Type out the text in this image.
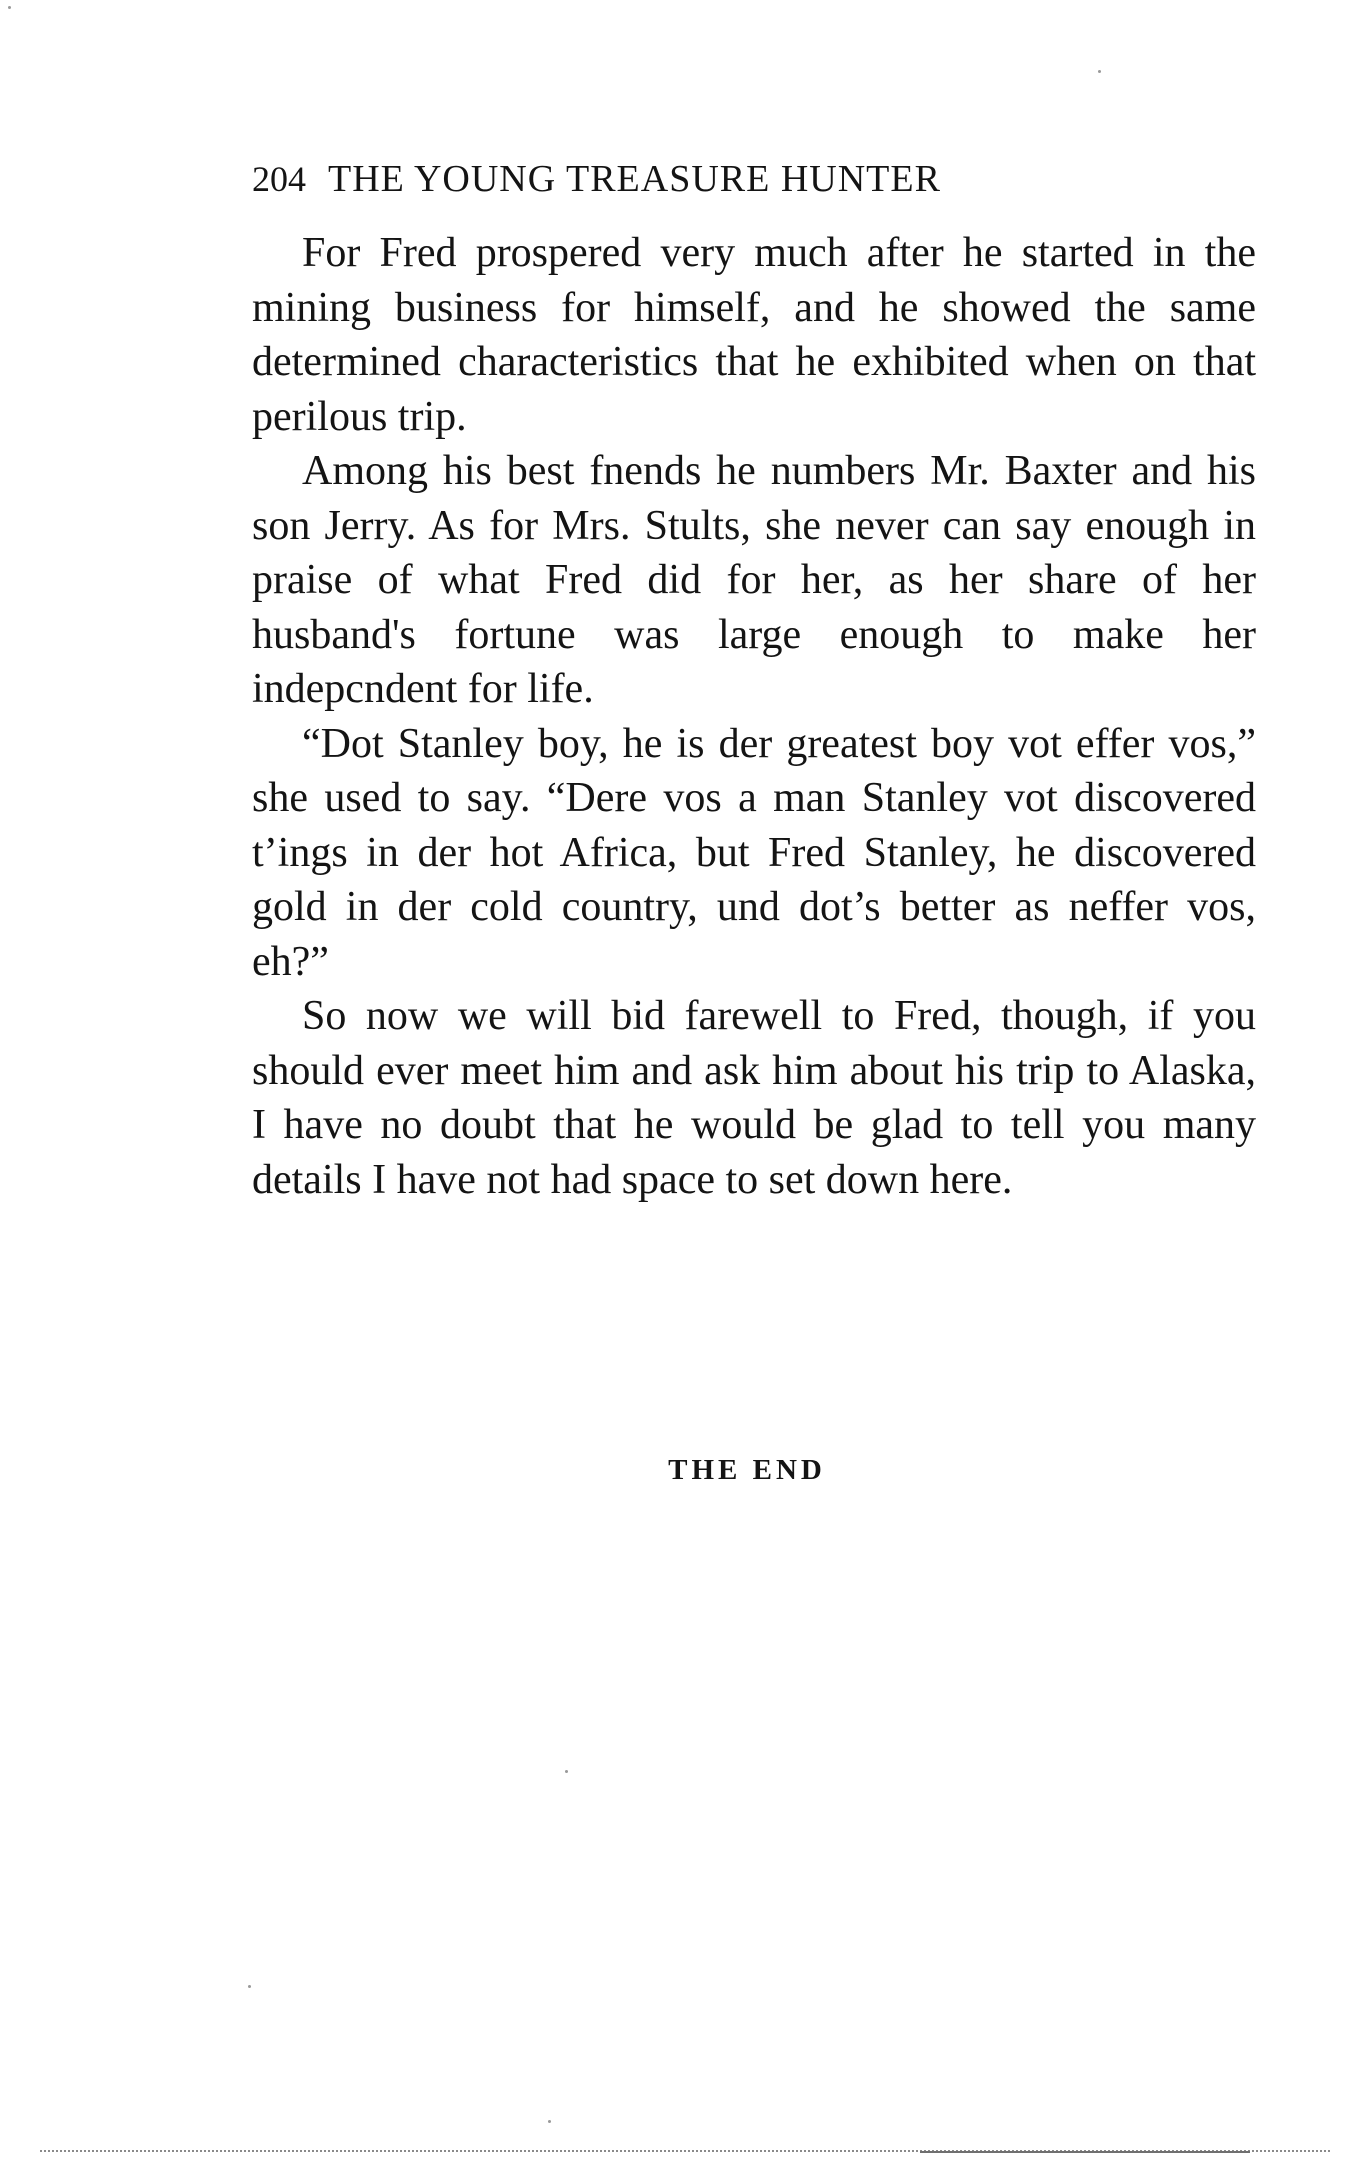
204 THE YOUNG TREASURE HUNTER

For Fred prospered very much after he started in the mining business for himself, and he showed the same determined characteristics that he exhibited when on that perilous trip.

Among his best fnends he numbers Mr. Baxter and his son Jerry. As for Mrs. Stults, she never can say enough in praise of what Fred did for her, as her share of her husband's fortune was large enough to make her indepcndent for life.

“Dot Stanley boy, he is der greatest boy vot effer vos,” she used to say. “Dere vos a man Stanley vot discovered t’ings in der hot Africa, but Fred Stanley, he discovered gold in der cold country, und dot’s better as neffer vos, eh?”

So now we will bid farewell to Fred, though, if you should ever meet him and ask him about his trip to Alaska, I have no doubt that he would be glad to tell you many details I have not had space to set down here.

THE END
